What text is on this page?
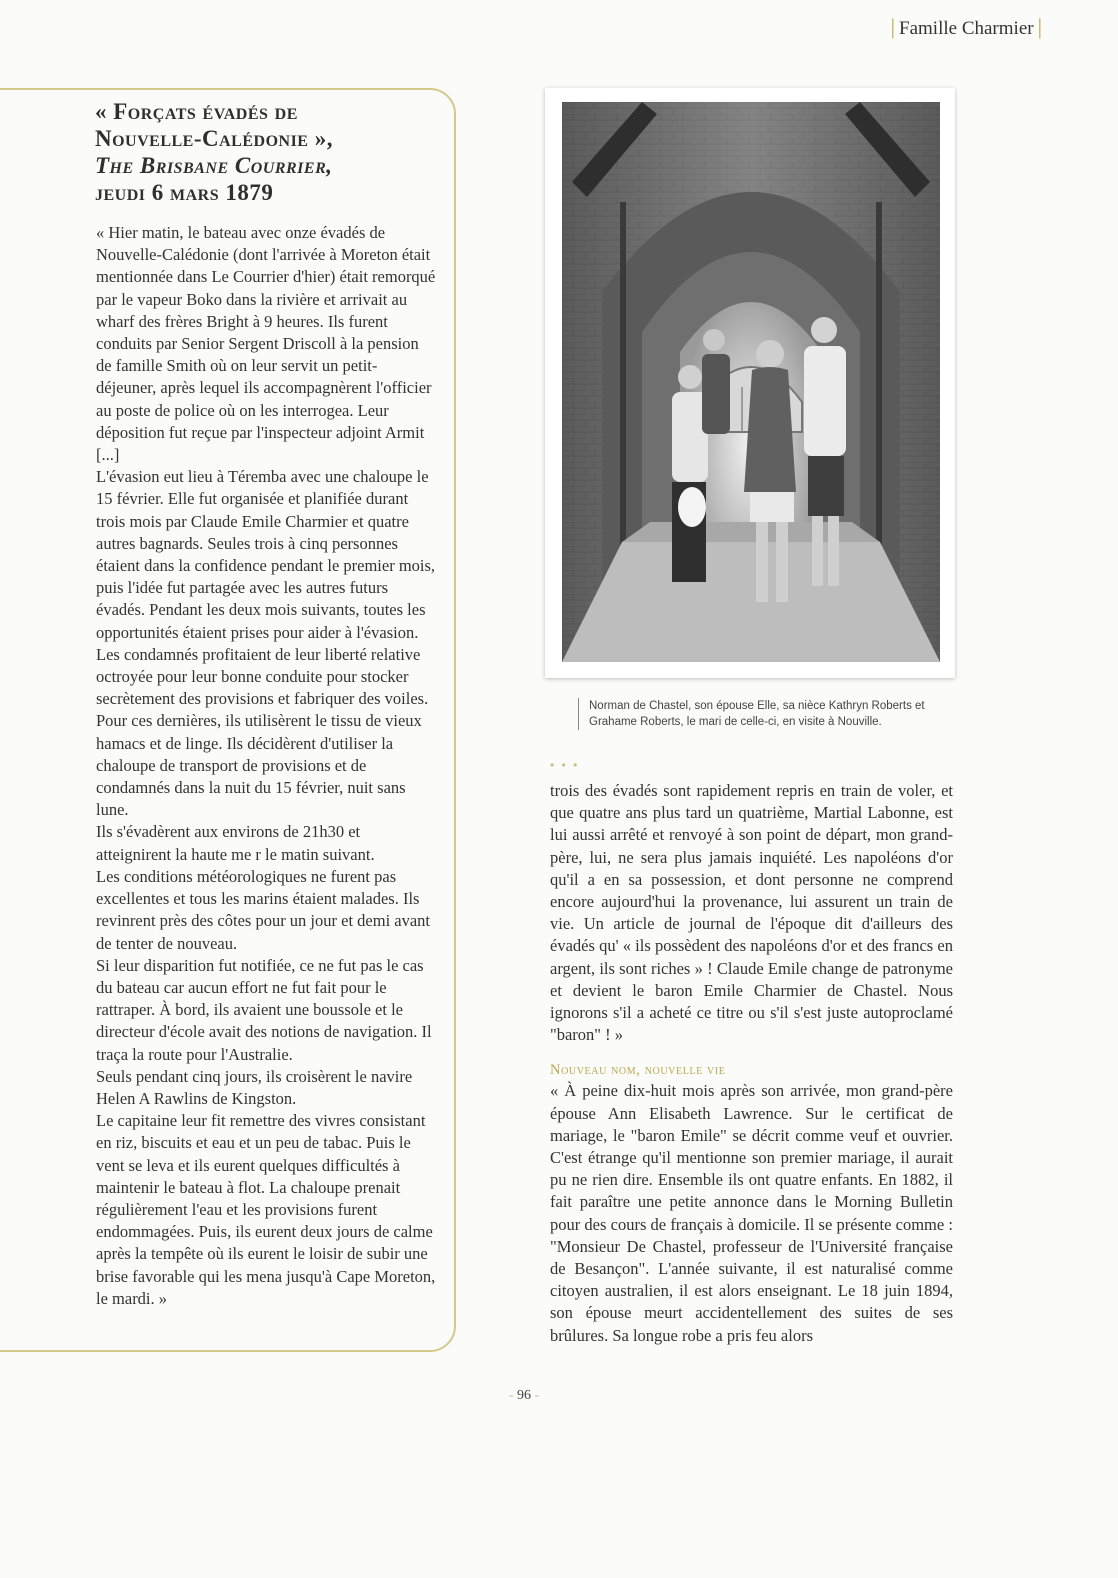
| Famille Charmier |
« Forçats évadés de
Nouvelle-Calédonie »,
The Brisbane Courrier,
jeudi 6 mars 1879

« Hier matin, le bateau avec onze évadés de Nouvelle-Calédonie (dont l'arrivée à Moreton était mentionnée dans Le Courrier d'hier) était remorqué par le vapeur Boko dans la rivière et arrivait au wharf des frères Bright à 9 heures. Ils furent conduits par Senior Sergent Driscoll à la pension de famille Smith où on leur servit un petit-déjeuner, après lequel ils accompagnèrent l'officier au poste de police où on les interrogea. Leur déposition fut reçue par l'inspecteur adjoint Armit [...]

L'évasion eut lieu à Téremba avec une chaloupe le 15 février. Elle fut organisée et planifiée durant trois mois par Claude Emile Charmier et quatre autres bagnards. Seules trois à cinq personnes étaient dans la confidence pendant le premier mois, puis l'idée fut partagée avec les autres futurs évadés. Pendant les deux mois suivants, toutes les opportunités étaient prises pour aider à l'évasion.

Les condamnés profitaient de leur liberté relative octroyée pour leur bonne conduite pour stocker secrètement des provisions et fabriquer des voiles. Pour ces dernières, ils utilisèrent le tissu de vieux hamacs et de linge. Ils décidèrent d'utiliser la chaloupe de transport de provisions et de condamnés dans la nuit du 15 février, nuit sans lune.

Ils s'évadèrent aux environs de 21h30 et atteignirent la haute me r le matin suivant.

Les conditions météorologiques ne furent pas excellentes et tous les marins étaient malades. Ils revinrent près des côtes pour un jour et demi avant de tenter de nouveau.

Si leur disparition fut notifiée, ce ne fut pas le cas du bateau car aucun effort ne fut fait pour le rattraper. À bord, ils avaient une boussole et le directeur d'école avait des notions de navigation. Il traça la route pour l'Australie.

Seuls pendant cinq jours, ils croisèrent le navire Helen A Rawlins de Kingston.

Le capitaine leur fit remettre des vivres consistant en riz, biscuits et eau et un peu de tabac. Puis le vent se leva et ils eurent quelques difficultés à maintenir le bateau à flot. La chaloupe prenait régulièrement l'eau et les provisions furent endommagées. Puis, ils eurent deux jours de calme après la tempête où ils eurent le loisir de subir une brise favorable qui les mena jusqu'à Cape Moreton, le mardi. »

Norman de Chastel, son épouse Elle, sa nièce Kathryn Roberts et Grahame Roberts, le mari de celle-ci, en visite à Nouville.
• • •

trois des évadés sont rapidement repris en train de voler, et que quatre ans plus tard un quatrième, Martial Labonne, est lui aussi arrêté et renvoyé à son point de départ, mon grand-père, lui, ne sera plus jamais inquiété. Les napoléons d'or qu'il a en sa possession, et dont personne ne comprend encore aujourd'hui la provenance, lui assurent un train de vie. Un article de journal de l'époque dit d'ailleurs des évadés qu' « ils possèdent des napoléons d'or et des francs en argent, ils sont riches » ! Claude Emile change de patronyme et devient le baron Emile Charmier de Chastel. Nous ignorons s'il a acheté ce titre ou s'il s'est juste autoproclamé "baron" ! »

Nouveau nom, nouvelle vie

« À peine dix-huit mois après son arrivée, mon grand-père épouse Ann Elisabeth Lawrence. Sur le certificat de mariage, le "baron Emile" se décrit comme veuf et ouvrier. C'est étrange qu'il mentionne son premier mariage, il aurait pu ne rien dire. Ensemble ils ont quatre enfants. En 1882, il fait paraître une petite annonce dans le Morning Bulletin pour des cours de français à domicile. Il se présente comme : "Monsieur De Chastel, professeur de l'Université française de Besançon". L'année suivante, il est naturalisé comme citoyen australien, il est alors enseignant. Le 18 juin 1894, son épouse meurt accidentellement des suites de ses brûlures. Sa longue robe a pris feu alors

- 96 -
